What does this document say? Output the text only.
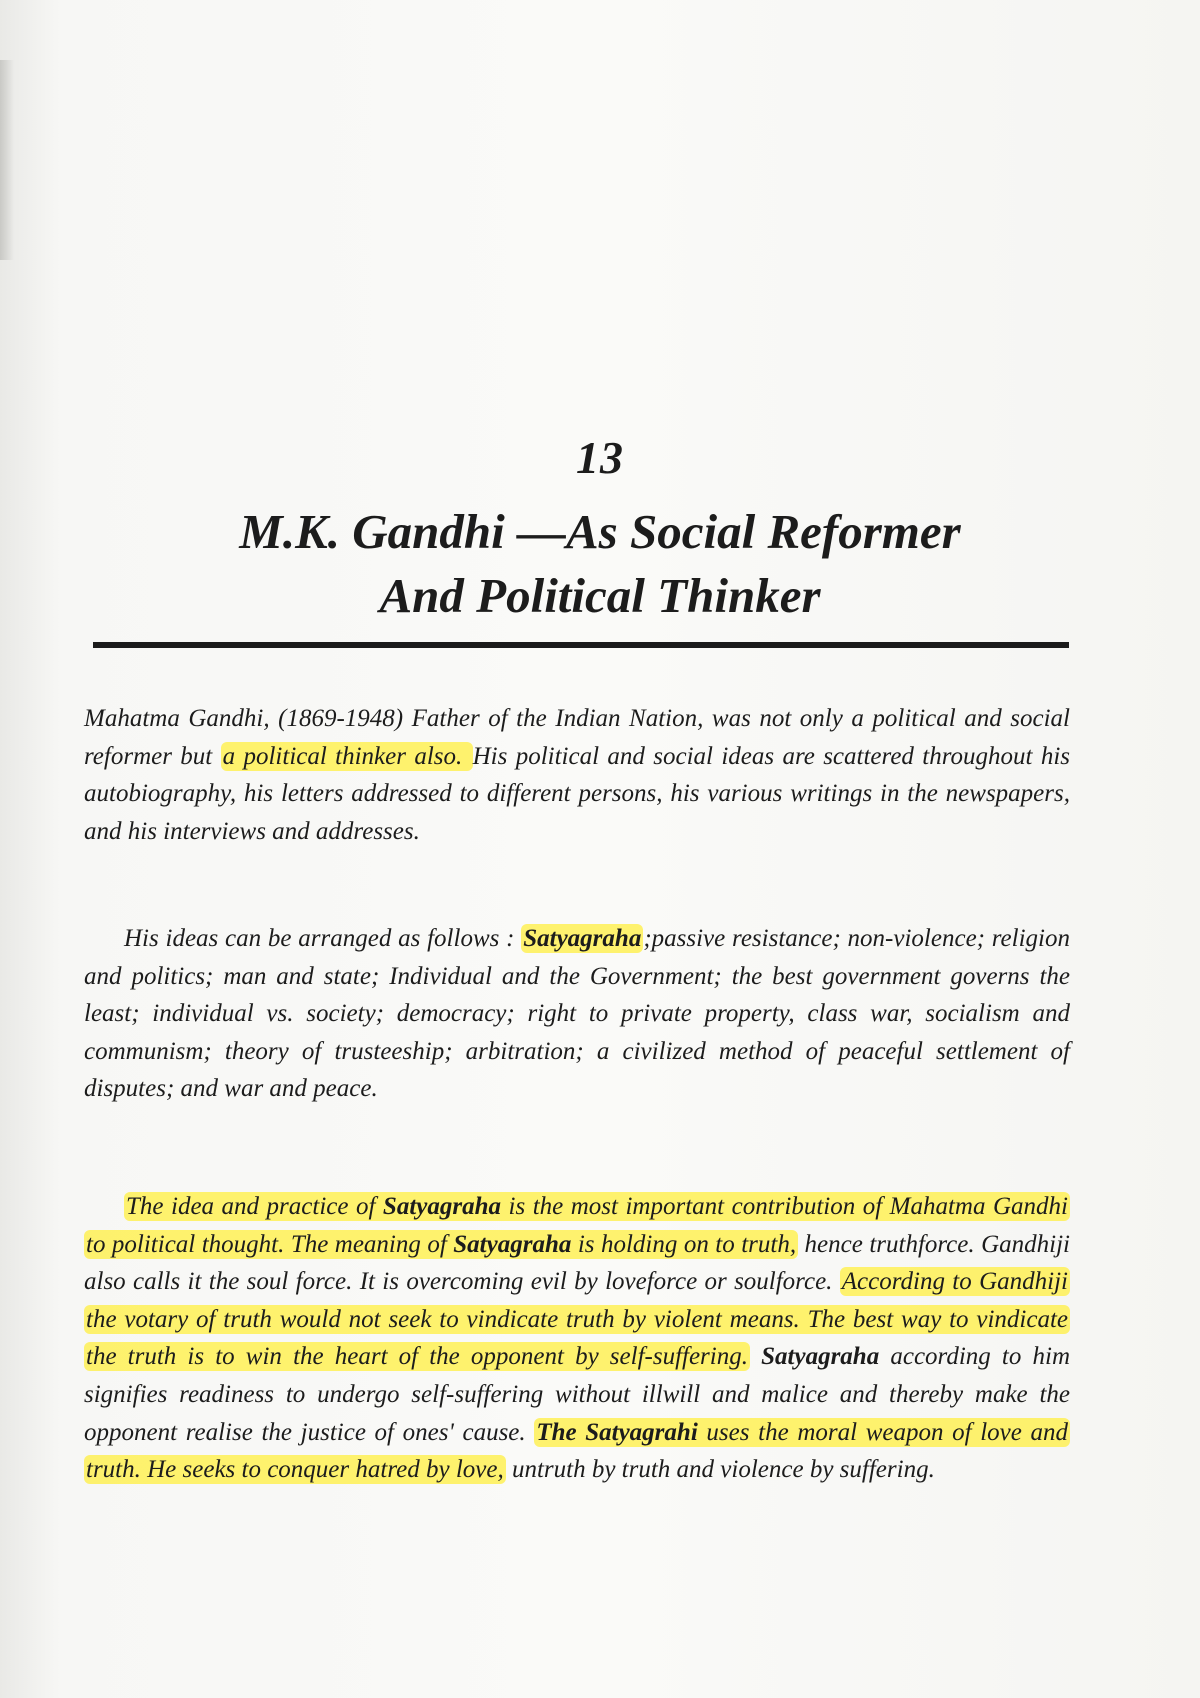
13
M.K. Gandhi —As Social Reformer
And Political Thinker

Mahatma Gandhi, (1869-1948) Father of the Indian Nation, was not only a political and social reformer but a political thinker also. His political and social ideas are scattered throughout his autobiography, his letters addressed to different persons, his various writings in the newspapers, and his interviews and addresses.

His ideas can be arranged as follows : Satyagraha;passive resistance; non-violence; religion and politics; man and state; Individual and the Government; the best government governs the least; individual vs. society; democracy; right to private property, class war, socialism and communism; theory of trusteeship; arbitration; a civilized method of peaceful settlement of disputes; and war and peace.

The idea and practice of Satyagraha is the most important contribution of Mahatma Gandhi to political thought. The meaning of Satyagraha is holding on to truth, hence truthforce. Gandhiji also calls it the soul force. It is overcoming evil by loveforce or soulforce. According to Gandhiji the votary of truth would not seek to vindicate truth by violent means. The best way to vindicate the truth is to win the heart of the opponent by self-suffering. Satyagraha according to him signifies readiness to undergo self-suffering without illwill and malice and thereby make the opponent realise the justice of ones' cause. The Satyagrahi uses the moral weapon of love and truth. He seeks to conquer hatred by love, untruth by truth and violence by suffering.
